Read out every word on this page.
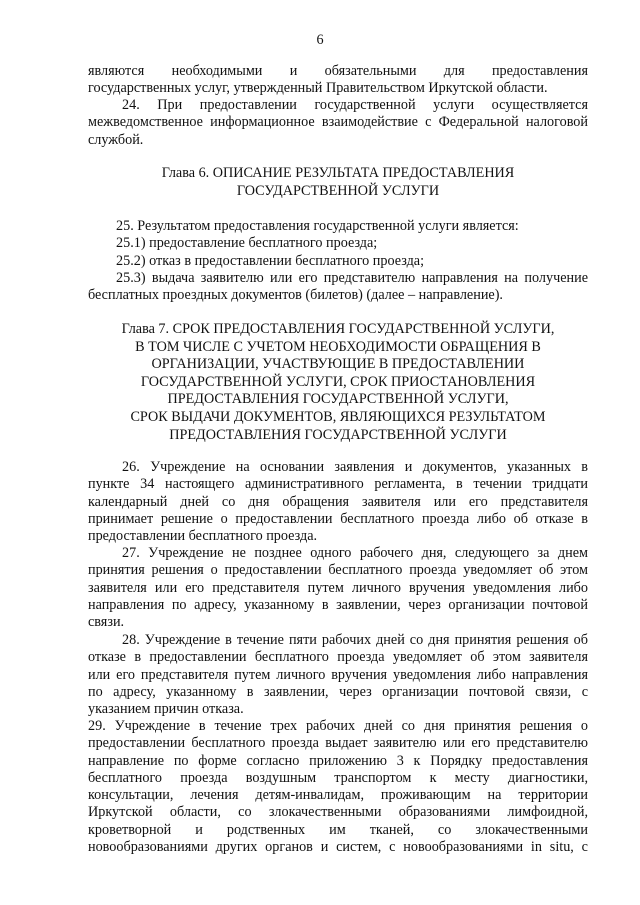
6
являются необходимыми и обязательными для предоставления
государственных услуг, утвержденный Правительством Иркутской области.
24. При предоставлении государственной услуги осуществляется
межведомственное информационное взаимодействие с Федеральной налоговой
службой.
Глава 6. ОПИСАНИЕ РЕЗУЛЬТАТА ПРЕДОСТАВЛЕНИЯ
ГОСУДАРСТВЕННОЙ УСЛУГИ
25. Результатом предоставления государственной услуги является:
25.1) предоставление бесплатного проезда;
25.2) отказ в предоставлении бесплатного проезда;
25.3) выдача заявителю или его представителю направления на получение
бесплатных проездных документов (билетов) (далее – направление).
Глава 7. СРОК ПРЕДОСТАВЛЕНИЯ ГОСУДАРСТВЕННОЙ УСЛУГИ,
В ТОМ ЧИСЛЕ С УЧЕТОМ НЕОБХОДИМОСТИ ОБРАЩЕНИЯ В
ОРГАНИЗАЦИИ, УЧАСТВУЮЩИЕ В ПРЕДОСТАВЛЕНИИ
ГОСУДАРСТВЕННОЙ УСЛУГИ, СРОК ПРИОСТАНОВЛЕНИЯ
ПРЕДОСТАВЛЕНИЯ ГОСУДАРСТВЕННОЙ УСЛУГИ,
СРОК ВЫДАЧИ ДОКУМЕНТОВ, ЯВЛЯЮЩИХСЯ РЕЗУЛЬТАТОМ
ПРЕДОСТАВЛЕНИЯ ГОСУДАРСТВЕННОЙ УСЛУГИ
26. Учреждение на основании заявления и документов, указанных в
пункте 34 настоящего административного регламента, в течении тридцати
календарный дней со дня обращения заявителя или его представителя
принимает решение о предоставлении бесплатного проезда либо об отказе в
предоставлении бесплатного проезда.
27. Учреждение не позднее одного рабочего дня, следующего за днем
принятия решения о предоставлении бесплатного проезда уведомляет об этом
заявителя или его представителя путем личного вручения уведомления либо
направления по адресу, указанному в заявлении, через организации почтовой
связи.
28. Учреждение в течение пяти рабочих дней со дня принятия решения об
отказе в предоставлении бесплатного проезда уведомляет об этом заявителя
или его представителя путем личного вручения уведомления либо направления
по адресу, указанному в заявлении, через организации почтовой связи, с
указанием причин отказа.
29. Учреждение в течение трех рабочих дней со дня принятия решения о
предоставлении бесплатного проезда выдает заявителю или его представителю
направление по форме согласно приложению 3 к Порядку предоставления
бесплатного проезда воздушным транспортом к месту диагностики,
консультации, лечения детям-инвалидам, проживающим на территории
Иркутской области, со злокачественными образованиями лимфоидной,
кроветворной и родственных им тканей, со злокачественными
новообразованиями других органов и систем, с новообразованиями in situ, с
